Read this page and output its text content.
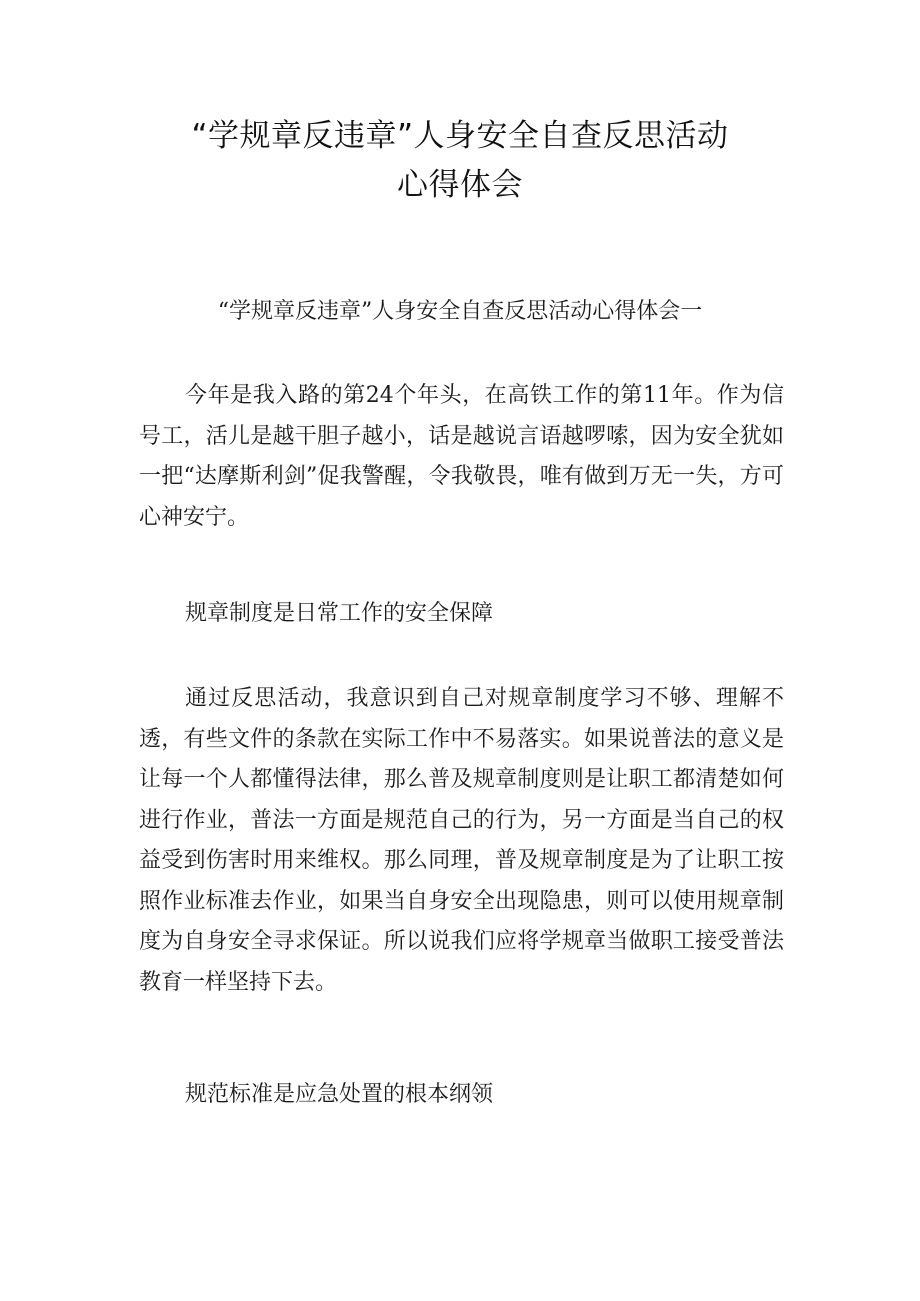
“学规章反违章”人身安全自查反思活动
心得体会
“学规章反违章”人身安全自查反思活动心得体会一

今年是我入路的第24个年头，在高铁工作的第11年。作为信号工，活儿是越干胆子越小，话是越说言语越啰嗦，因为安全犹如一把“达摩斯利剑”促我警醒，令我敬畏，唯有做到万无一失，方可心神安宁。

规章制度是日常工作的安全保障

通过反思活动，我意识到自己对规章制度学习不够、理解不透，有些文件的条款在实际工作中不易落实。如果说普法的意义是让每一个人都懂得法律，那么普及规章制度则是让职工都清楚如何进行作业，普法一方面是规范自己的行为，另一方面是当自己的权益受到伤害时用来维权。那么同理，普及规章制度是为了让职工按照作业标准去作业，如果当自身安全出现隐患，则可以使用规章制度为自身安全寻求保证。所以说我们应将学规章当做职工接受普法教育一样坚持下去。

规范标准是应急处置的根本纲领
